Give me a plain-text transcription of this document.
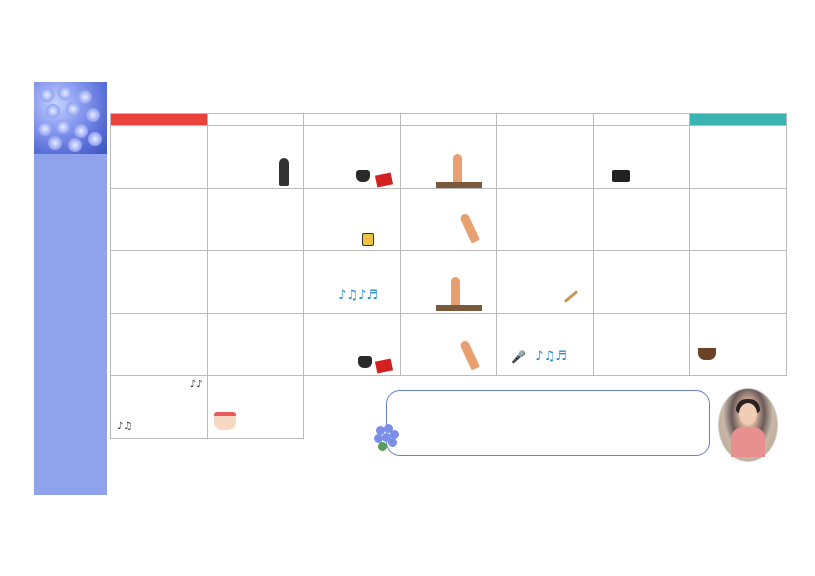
♪♫♪♬
🎤 ♪♫♬
♪♪
♪♫
